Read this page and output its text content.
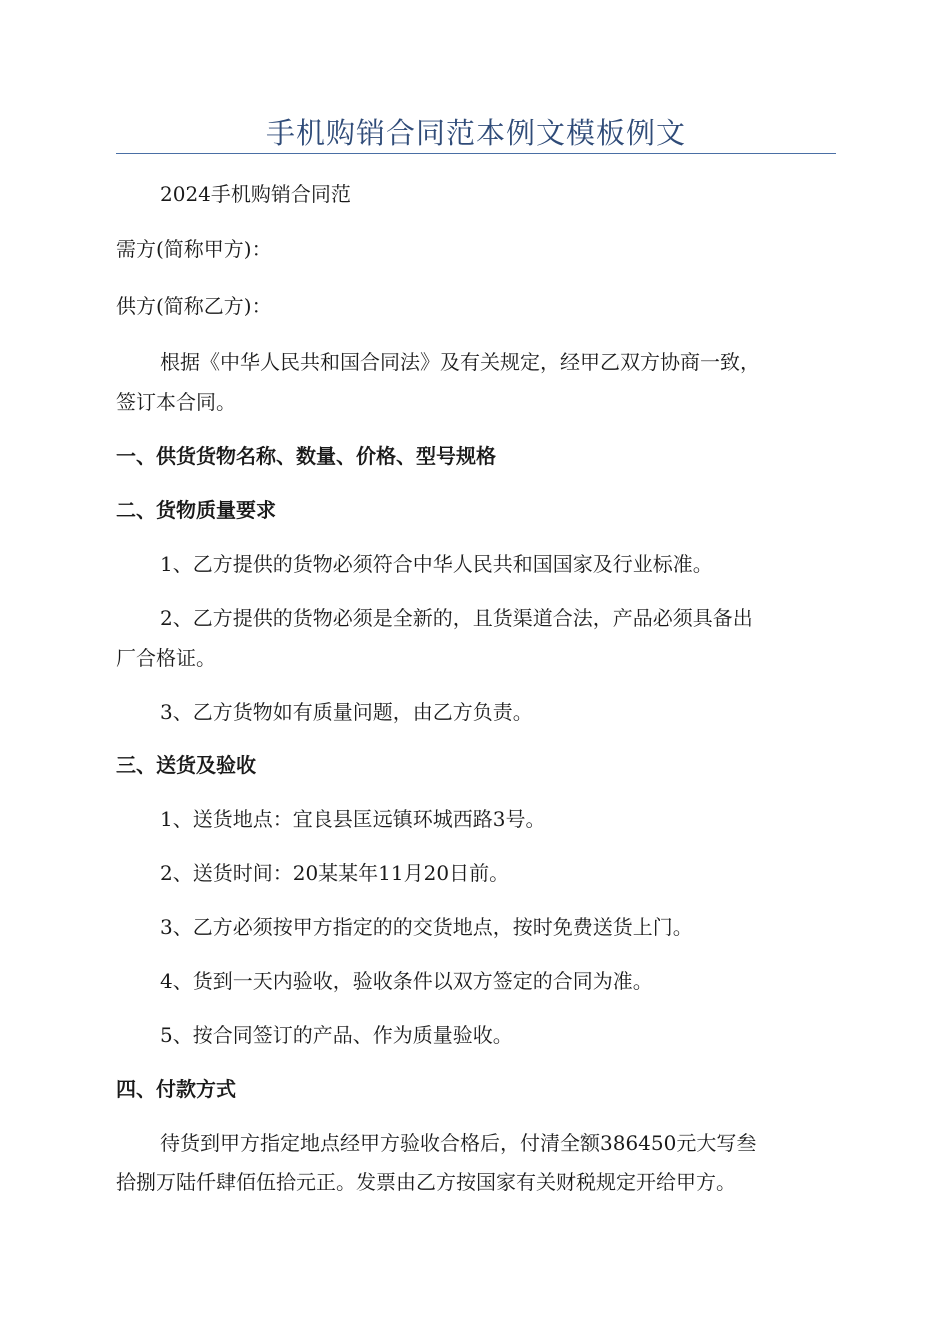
手机购销合同范本例文模板例文
2024手机购销合同范
需方(简称甲方)：
供方(简称乙方)：
根据《中华人民共和国合同法》及有关规定，经甲乙双方协商一致，
签订本合同。
一、供货货物名称、数量、价格、型号规格
二、货物质量要求
1、乙方提供的货物必须符合中华人民共和国国家及行业标准。
2、乙方提供的货物必须是全新的，且货渠道合法，产品必须具备出
厂合格证。
3、乙方货物如有质量问题，由乙方负责。
三、送货及验收
1、送货地点：宜良县匡远镇环城西路3号。
2、送货时间：20某某年11月20日前。
3、乙方必须按甲方指定的的交货地点，按时免费送货上门。
4、货到一天内验收，验收条件以双方签定的合同为准。
5、按合同签订的产品、作为质量验收。
四、付款方式
待货到甲方指定地点经甲方验收合格后，付清全额386450元大写叁
拾捌万陆仟肆佰伍拾元正。发票由乙方按国家有关财税规定开给甲方。
